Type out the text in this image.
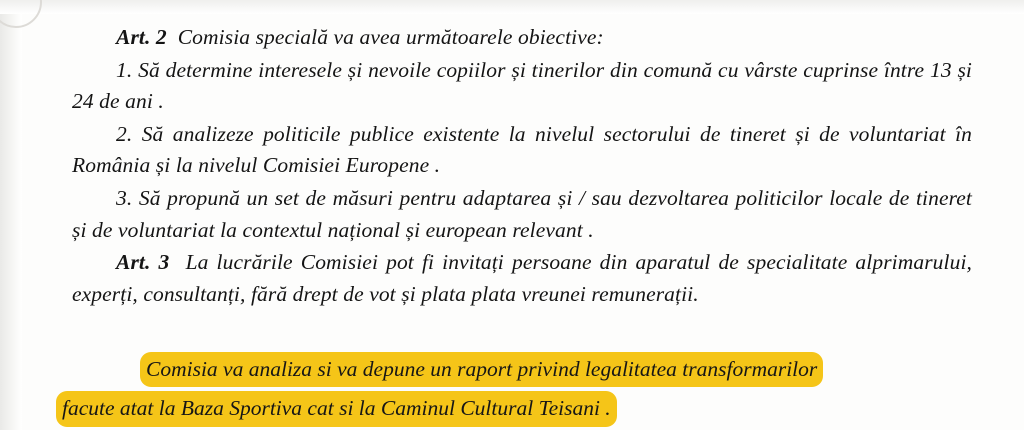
Art. 2 Comisia specială va avea următoarele obiective:

1. Să determine interesele și nevoile copiilor și tinerilor din comună cu vârste cuprinse între 13 și 24 de ani .

2. Să analizeze politicile publice existente la nivelul sectorului de tineret și de voluntariat în România și la nivelul Comisiei Europene .

3. Să propună un set de măsuri pentru adaptarea și / sau dezvoltarea politicilor locale de tineret și de voluntariat la contextul național și european relevant .

Art. 3 La lucrările Comisiei pot fi invitați persoane din aparatul de specialitate alprimarului, experți, consultanți, fără drept de vot și plata plata vreunei remunerații.

Comisia va analiza si va depune un raport privind legalitatea transformarilor
facute atat la Baza Sportiva cat si la Caminul Cultural Teisani .
